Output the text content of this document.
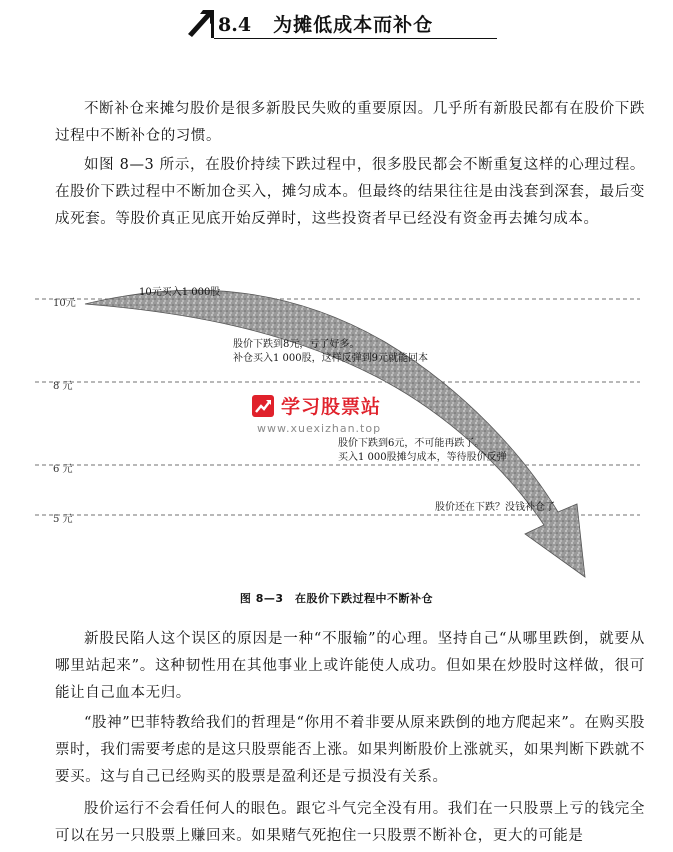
8.4 为摊低成本而补仓

不断补仓来摊匀股价是很多新股民失败的重要原因。几乎所有新股民都有在股价下跌过程中不断补仓的习惯。

如图 8—3 所示，在股价持续下跌过程中，很多股民都会不断重复这样的心理过程。在股价下跌过程中不断加仓买入，摊匀成本。但最终的结果往往是由浅套到深套，最后变成死套。等股价真正见底开始反弹时，这些投资者早已经没有资金再去摊匀成本。

10元
8 元
6 元
5 元
10元买入1 000股
股价下跌到8元，亏了好多。
补仓买入1 000股，这样反弹到9元就能回本
股价下跌到6元，不可能再跌了。
买入1 000股摊匀成本，等待股价反弹
股价还在下跌？没钱补仓了
学习股票站
www.xuexizhan.top
图 8—3　在股价下跌过程中不断补仓

新股民陷人这个误区的原因是一种“不服输”的心理。坚持自己“从哪里跌倒，就要从哪里站起来”。这种韧性用在其他事业上或许能使人成功。但如果在炒股时这样做，很可能让自己血本无归。

“股神”巴菲特教给我们的哲理是“你用不着非要从原来跌倒的地方爬起来”。在购买股票时，我们需要考虑的是这只股票能否上涨。如果判断股价上涨就买，如果判断下跌就不要买。这与自己已经购买的股票是盈利还是亏损没有关系。

股价运行不会看任何人的眼色。跟它斗气完全没有用。我们在一只股票上亏的钱完全可以在另一只股票上赚回来。如果赌气死抱住一只股票不断补仓，更大的可能是
